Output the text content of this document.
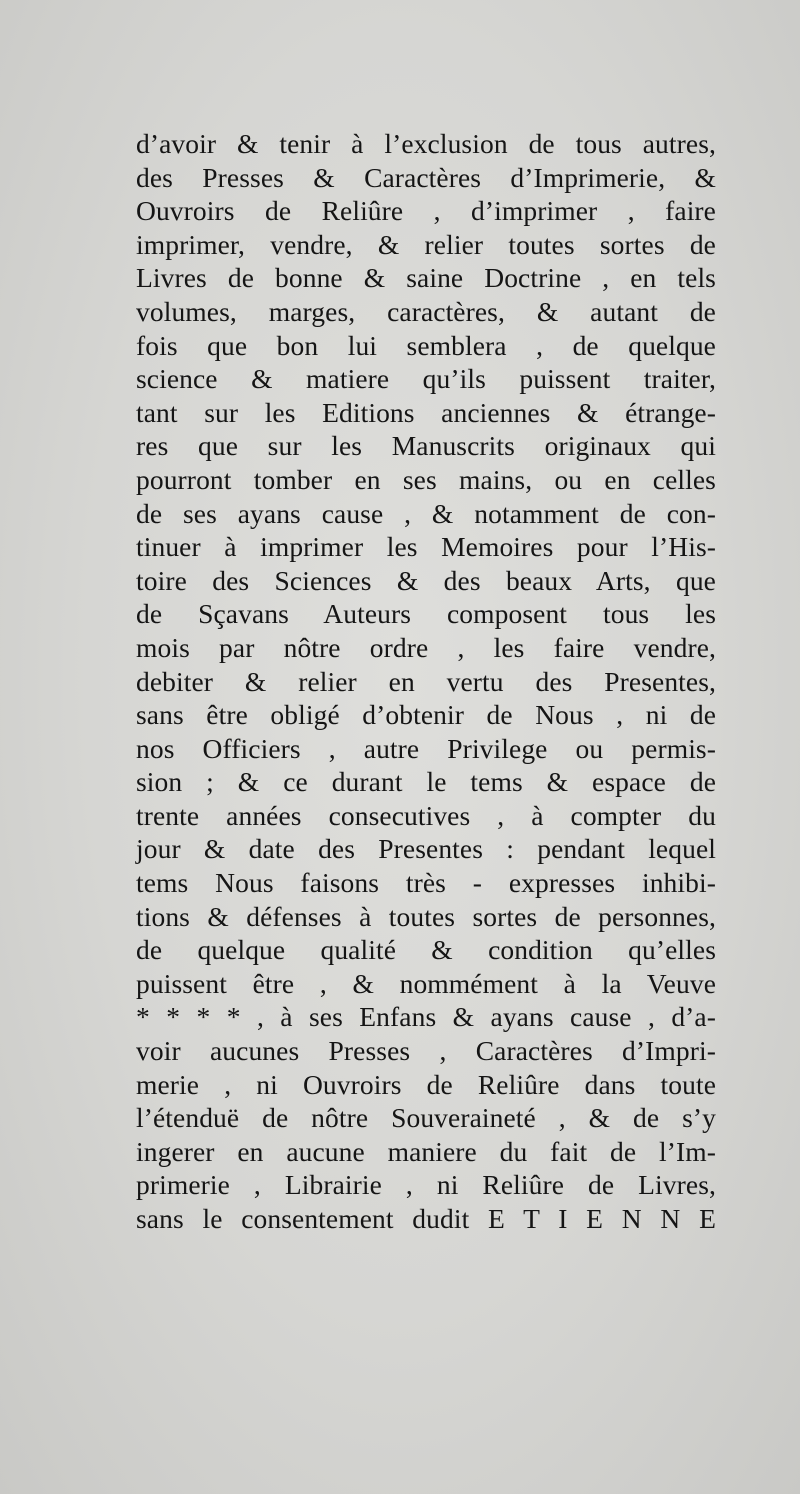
d’avoir & tenir à l’exclusion de tous autres,
des Presses & Caractères d’Imprimerie, &
Ouvroirs de Reliûre , d’imprimer , faire
imprimer, vendre, & relier toutes sortes de
Livres de bonne & saine Doctrine , en tels
volumes, marges, caractères, & autant de
fois que bon lui semblera , de quelque
science & matiere qu’ils puissent traiter,
tant sur les Editions anciennes & étrange-
res que sur les Manuscrits originaux qui
pourront tomber en ses mains, ou en celles
de ses ayans cause , & notamment de con-
tinuer à imprimer les Memoires pour l’His-
toire des Sciences & des beaux Arts, que
de Sçavans Auteurs composent tous les
mois par nôtre ordre , les faire vendre,
debiter & relier en vertu des Presentes,
sans être obligé d’obtenir de Nous , ni de
nos Officiers , autre Privilege ou permis-
sion ; & ce durant le tems & espace de
trente années consecutives , à compter du
jour & date des Presentes : pendant lequel
tems Nous faisons très - expresses inhibi-
tions & défenses à toutes sortes de personnes,
de quelque qualité & condition qu’elles
puissent être , & nommément à la Veuve
* * * * , à ses Enfans & ayans cause , d’a-
voir aucunes Presses , Caractères d’Impri-
merie , ni Ouvroirs de Reliûre dans toute
l’étenduë de nôtre Souveraineté , & de s’y
ingerer en aucune maniere du fait de l’Im-
primerie , Librairie , ni Reliûre de Livres,
sans le consentement dudit E T I E N N E
